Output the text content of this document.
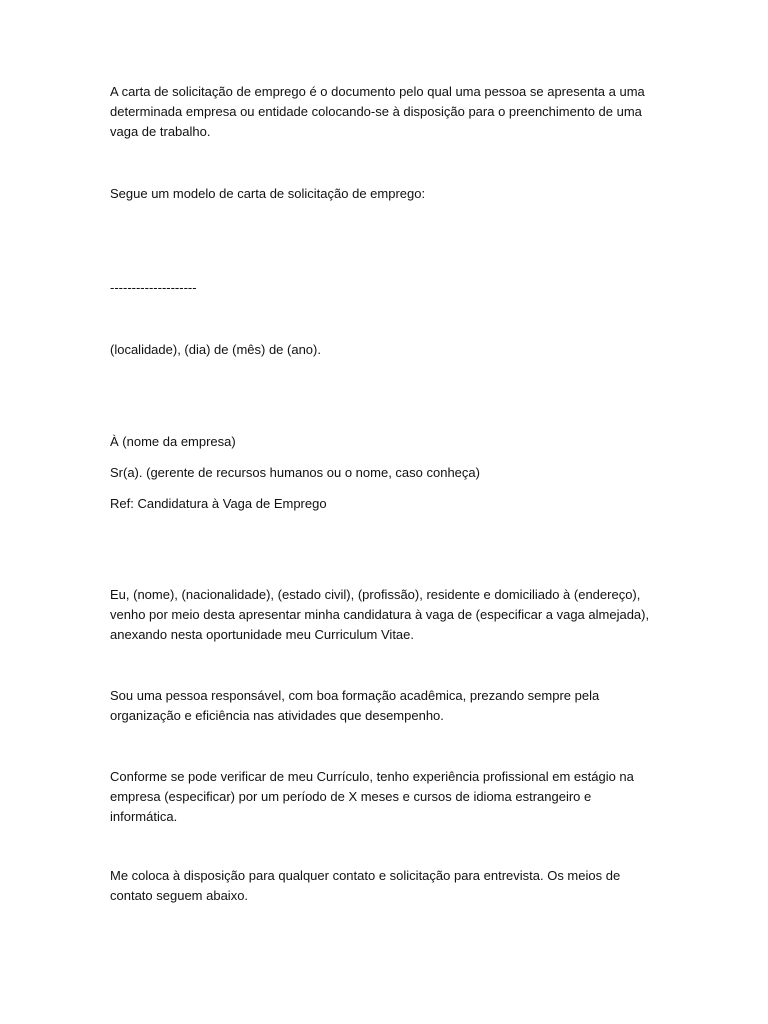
A carta de solicitação de emprego é o documento pelo qual uma pessoa se apresenta a uma
determinada empresa ou entidade colocando-se à disposição para o preenchimento de uma
vaga de trabalho.

Segue um modelo de carta de solicitação de emprego:

--------------------

(localidade), (dia) de (mês) de (ano).

À (nome da empresa)

Sr(a). (gerente de recursos humanos ou o nome, caso conheça)

Ref: Candidatura à Vaga de Emprego

Eu, (nome), (nacionalidade), (estado civil), (profissão), residente e domiciliado à (endereço),
venho por meio desta apresentar minha candidatura à vaga de (especificar a vaga almejada),
anexando nesta oportunidade meu Curriculum Vitae.

Sou uma pessoa responsável, com boa formação acadêmica, prezando sempre pela
organização e eficiência nas atividades que desempenho.

Conforme se pode verificar de meu Currículo, tenho experiência profissional em estágio na
empresa (especificar) por um período de X meses e cursos de idioma estrangeiro e
informática.

Me coloca à disposição para qualquer contato e solicitação para entrevista. Os meios de
contato seguem abaixo.
